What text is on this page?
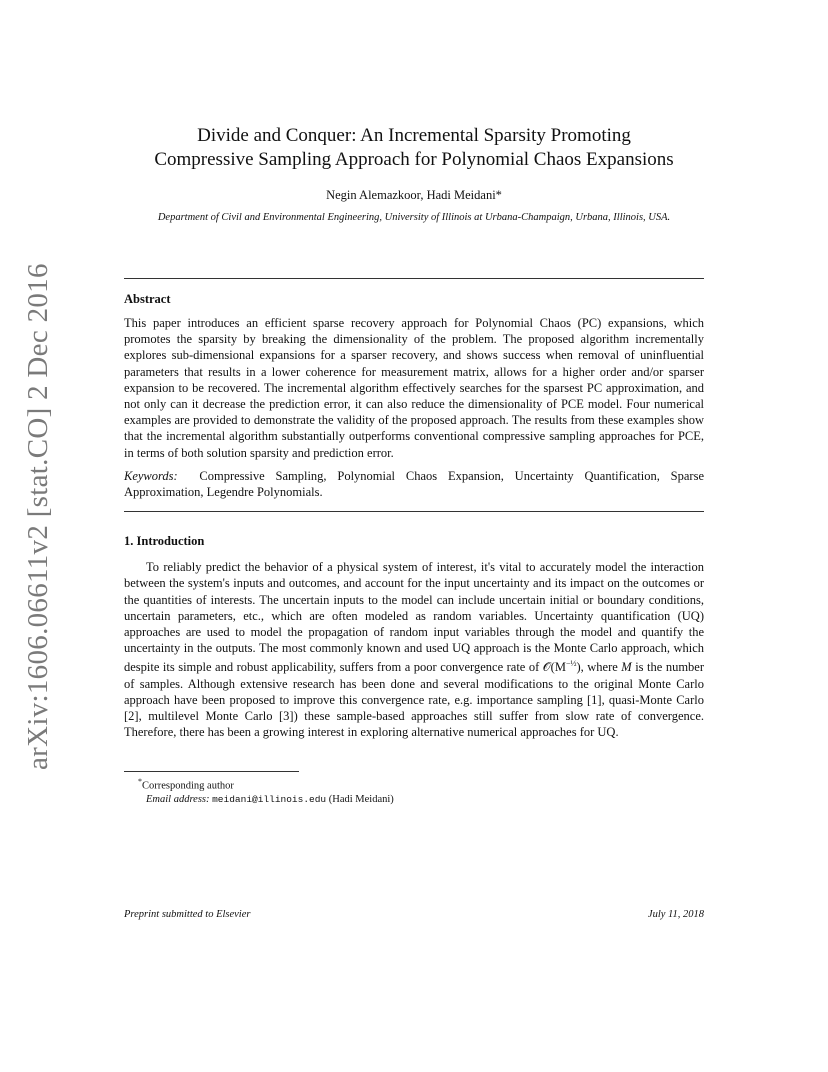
arXiv:1606.06611v2 [stat.CO] 2 Dec 2016
Divide and Conquer: An Incremental Sparsity Promoting
Compressive Sampling Approach for Polynomial Chaos Expansions
Negin Alemazkoor, Hadi Meidani*
Department of Civil and Environmental Engineering, University of Illinois at Urbana-Champaign, Urbana, Illinois, USA.
Abstract

This paper introduces an efficient sparse recovery approach for Polynomial Chaos (PC) expansions, which promotes the sparsity by breaking the dimensionality of the problem. The proposed algorithm incrementally explores sub-dimensional expansions for a sparser recovery, and shows success when removal of uninfluential parameters that results in a lower coherence for measurement matrix, allows for a higher order and/or sparser expansion to be recovered. The incremental algorithm effectively searches for the sparsest PC approximation, and not only can it decrease the prediction error, it can also reduce the dimensionality of PCE model. Four numerical examples are provided to demonstrate the validity of the proposed approach. The results from these examples show that the incremental algorithm substantially outperforms conventional compressive sampling approaches for PCE, in terms of both solution sparsity and prediction error.

Keywords: Compressive Sampling, Polynomial Chaos Expansion, Uncertainty Quantification, Sparse Approximation, Legendre Polynomials.

1. Introduction

To reliably predict the behavior of a physical system of interest, it's vital to accurately model the interaction between the system's inputs and outcomes, and account for the input uncertainty and its impact on the outcomes or the quantities of interests. The uncertain inputs to the model can include uncertain initial or boundary conditions, uncertain parameters, etc., which are often modeled as random variables. Uncertainty quantification (UQ) approaches are used to model the propagation of random input variables through the model and quantify the uncertainty in the outputs. The most commonly known and used UQ approach is the Monte Carlo approach, which despite its simple and robust applicability, suffers from a poor convergence rate of $𝒪(M^{-\frac{1}{2}})$, where M is the number of samples. Although extensive research has been done and several modifications to the original Monte Carlo approach have been proposed to improve this convergence rate, e.g. importance sampling [1], quasi-Monte Carlo [2], multilevel Monte Carlo [3]) these sample-based approaches still suffer from slow rate of convergence. Therefore, there has been a growing interest in exploring alternative numerical approaches for UQ.

*Corresponding author
Email address: meidani@illinois.edu (Hadi Meidani)
Preprint submitted to Elsevier	July 11, 2018
